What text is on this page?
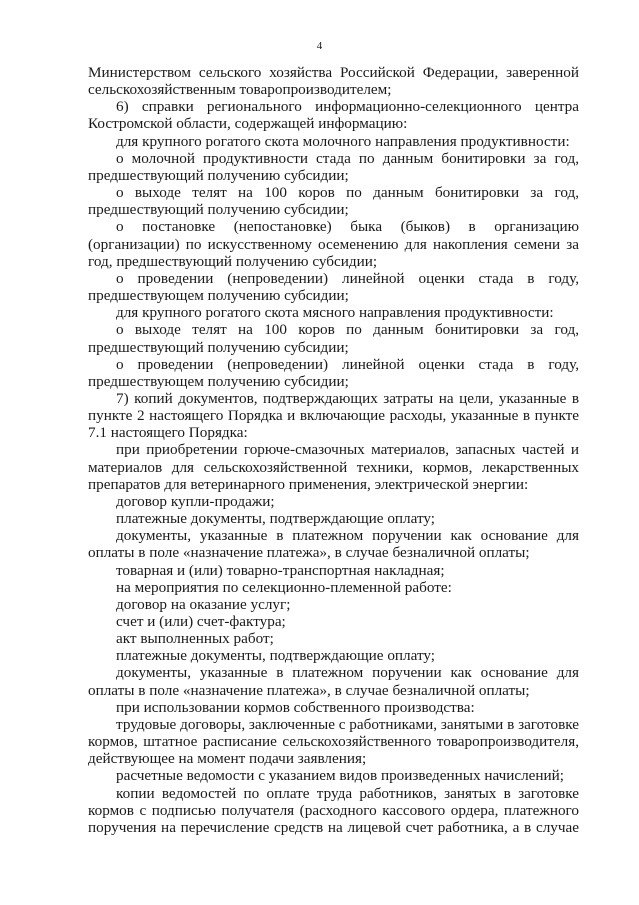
4

Министерством сельского хозяйства Российской Федерации, заверенной сельскохозяйственным товаропроизводителем;

6) справки регионального информационно-селекционного центра Костромской области, содержащей информацию:

для крупного рогатого скота молочного направления продуктивности:

о молочной продуктивности стада по данным бонитировки за год, предшествующий получению субсидии;

о выходе телят на 100 коров по данным бонитировки за год, предшествующий получению субсидии;

о постановке (непостановке) быка (быков) в организацию (организации) по искусственному осеменению для накопления семени за год, предшествующий получению субсидии;

о проведении (непроведении) линейной оценки стада в году, предшествующем получению субсидии;

для крупного рогатого скота мясного направления продуктивности:

о выходе телят на 100 коров по данным бонитировки за год, предшествующий получению субсидии;

о проведении (непроведении) линейной оценки стада в году, предшествующем получению субсидии;

7) копий документов, подтверждающих затраты на цели, указанные в пункте 2 настоящего Порядка и включающие расходы, указанные в пункте 7.1 настоящего Порядка:

при приобретении горюче-смазочных материалов, запасных частей и материалов для сельскохозяйственной техники, кормов, лекарственных препаратов для ветеринарного применения, электрической энергии:

договор купли-продажи;

платежные документы, подтверждающие оплату;

документы, указанные в платежном поручении как основание для оплаты в поле «назначение платежа», в случае безналичной оплаты;

товарная и (или) товарно-транспортная накладная;

на мероприятия по селекционно-племенной работе:

договор на оказание услуг;

счет и (или) счет-фактура;

акт выполненных работ;

платежные документы, подтверждающие оплату;

документы, указанные в платежном поручении как основание для оплаты в поле «назначение платежа», в случае безналичной оплаты;

при использовании кормов собственного производства:

трудовые договоры, заключенные с работниками, занятыми в заготовке кормов, штатное расписание сельскохозяйственного товаропроизводителя, действующее на момент подачи заявления;

расчетные ведомости с указанием видов произведенных начислений;

копии ведомостей по оплате труда работников, занятых в заготовке кормов с подписью получателя (расходного кассового ордера, платежного поручения на перечисление средств на лицевой счет работника, а в случае
